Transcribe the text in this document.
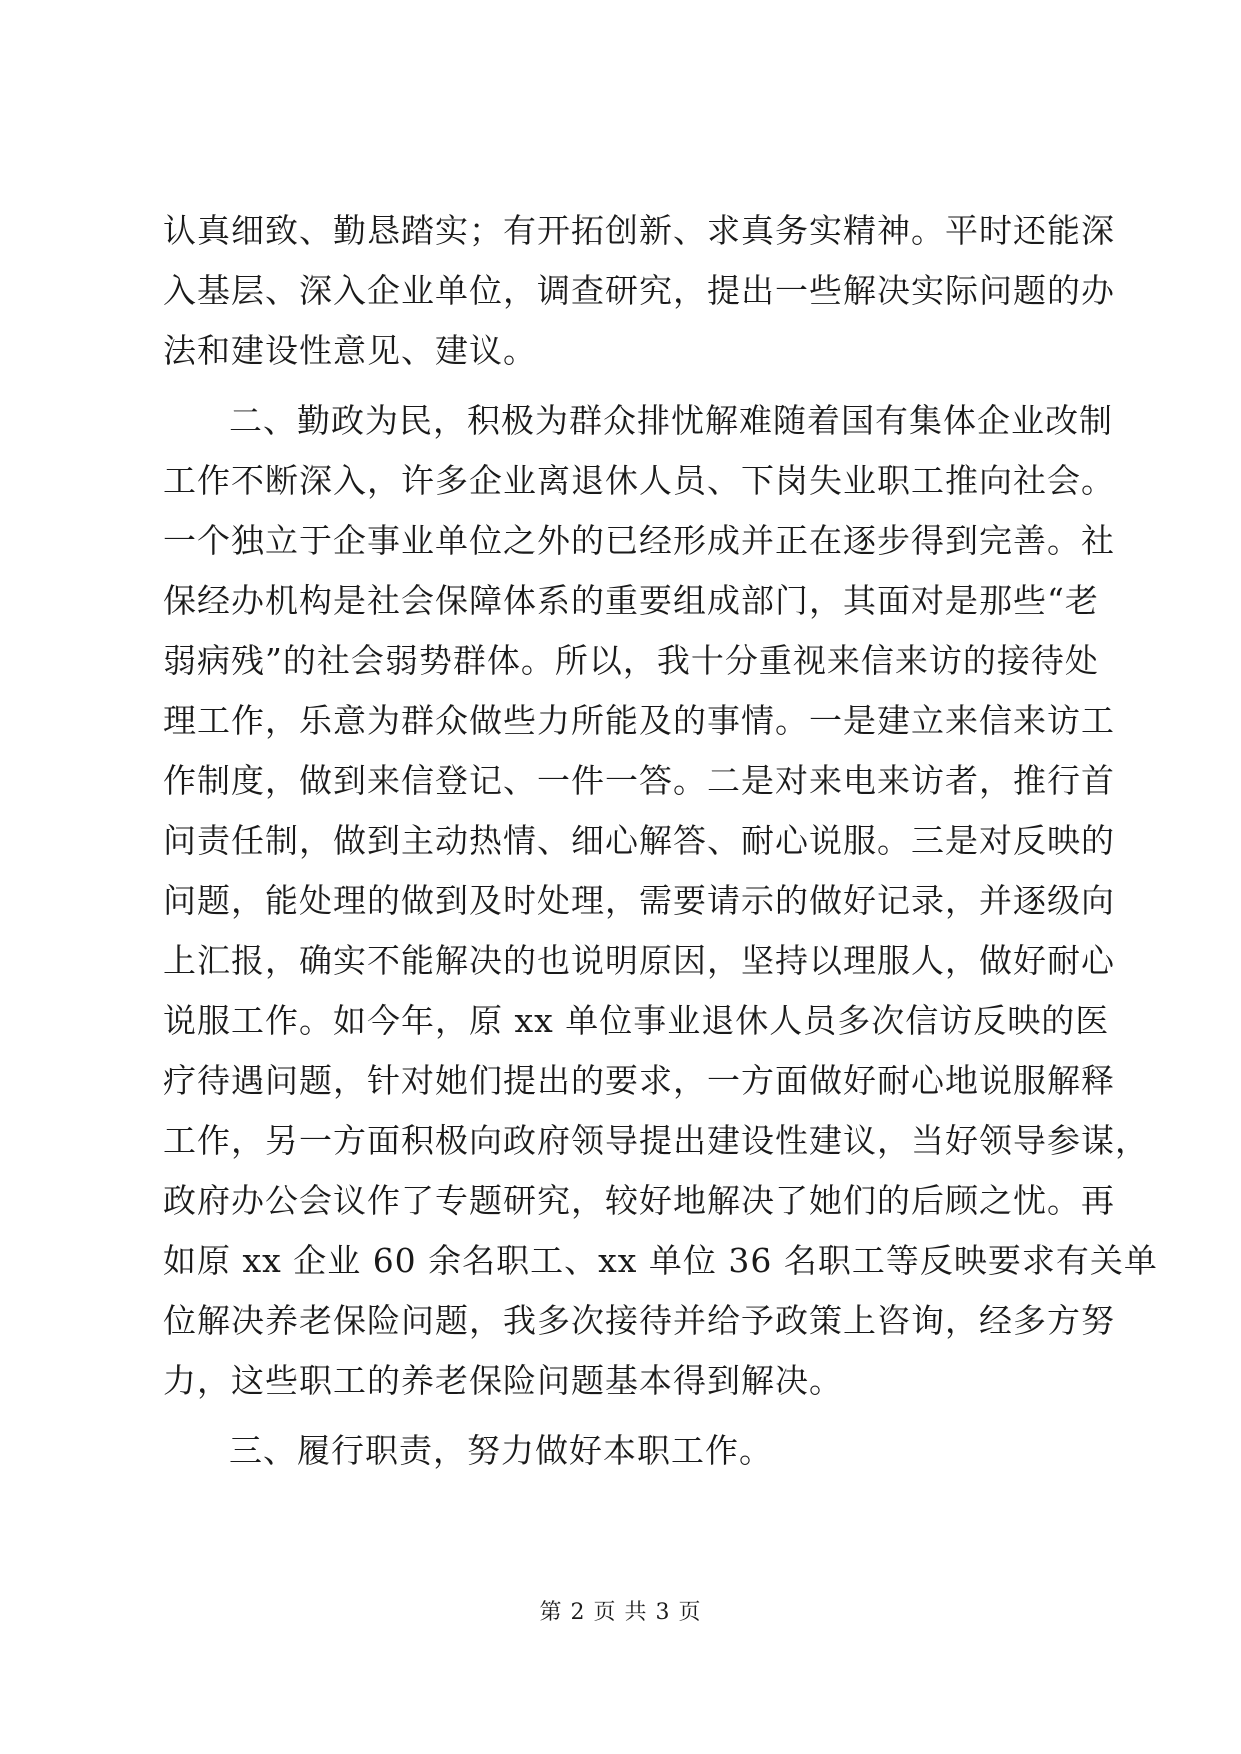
认真细致、勤恳踏实；有开拓创新、求真务实精神。平时还能深
入基层、深入企业单位，调查研究，提出一些解决实际问题的办
法和建设性意见、建议。
二、勤政为民，积极为群众排忧解难随着国有集体企业改制
工作不断深入，许多企业离退休人员、下岗失业职工推向社会。
一个独立于企事业单位之外的已经形成并正在逐步得到完善。社
保经办机构是社会保障体系的重要组成部门，其面对是那些“老
弱病残”的社会弱势群体。所以，我十分重视来信来访的接待处
理工作，乐意为群众做些力所能及的事情。一是建立来信来访工
作制度，做到来信登记、一件一答。二是对来电来访者，推行首
问责任制，做到主动热情、细心解答、耐心说服。三是对反映的
问题，能处理的做到及时处理，需要请示的做好记录，并逐级向
上汇报，确实不能解决的也说明原因，坚持以理服人，做好耐心
说服工作。如今年，原 xx 单位事业退休人员多次信访反映的医
疗待遇问题，针对她们提出的要求，一方面做好耐心地说服解释
工作，另一方面积极向政府领导提出建设性建议，当好领导参谋，
政府办公会议作了专题研究，较好地解决了她们的后顾之忧。再
如原 xx 企业 60 余名职工、xx 单位 36 名职工等反映要求有关单
位解决养老保险问题，我多次接待并给予政策上咨询，经多方努
力，这些职工的养老保险问题基本得到解决。
三、履行职责，努力做好本职工作。
第 2 页 共 3 页
